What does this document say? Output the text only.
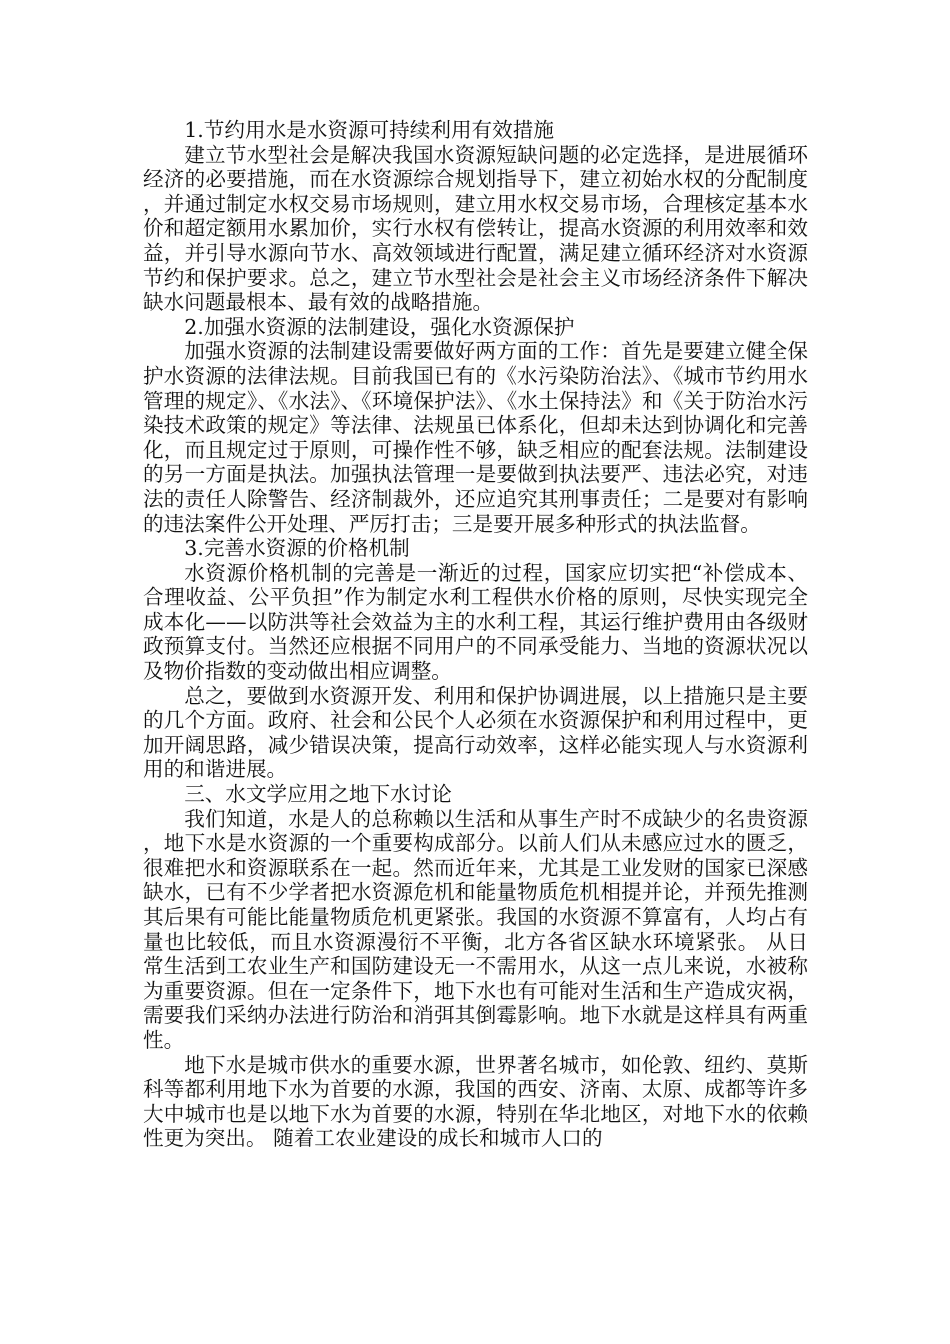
1.节约用水是水资源可持续利用有效措施

建立节水型社会是解决我国水资源短缺问题的必定选择，是进展循环经济的必要措施，而在水资源综合规划指导下，建立初始水权的分配制度，并通过制定水权交易市场规则，建立用水权交易市场，合理核定基本水价和超定额用水累加价，实行水权有偿转让，提高水资源的利用效率和效益，并引导水源向节水、高效领域进行配置，满足建立循环经济对水资源节约和保护要求。总之，建立节水型社会是社会主义市场经济条件下解决缺水问题最根本、最有效的战略措施。

2.加强水资源的法制建设，强化水资源保护

加强水资源的法制建设需要做好两方面的工作：首先是要建立健全保护水资源的法律法规。目前我国已有的《水污染防治法》、《城市节约用水管理的规定》、《水法》、《环境保护法》、《水土保持法》和《关于防治水污染技术政策的规定》等法律、法规虽已体系化，但却未达到协调化和完善化，而且规定过于原则，可操作性不够，缺乏相应的配套法规。法制建设的另一方面是执法。加强执法管理一是要做到执法要严、违法必究，对违法的责任人除警告、经济制裁外，还应追究其刑事责任；二是要对有影响的违法案件公开处理、严厉打击；三是要开展多种形式的执法监督。

3.完善水资源的价格机制

水资源价格机制的完善是一渐近的过程，国家应切实把“补偿成本、合理收益、公平负担”作为制定水利工程供水价格的原则，尽快实现完全成本化——以防洪等社会效益为主的水利工程，其运行维护费用由各级财政预算支付。当然还应根据不同用户的不同承受能力、当地的资源状况以及物价指数的变动做出相应调整。

总之，要做到水资源开发、利用和保护协调进展，以上措施只是主要的几个方面。政府、社会和公民个人必须在水资源保护和利用过程中，更加开阔思路，减少错误决策，提高行动效率，这样必能实现人与水资源利用的和谐进展。

三、水文学应用之地下水讨论

我们知道，水是人的总称赖以生活和从事生产时不成缺少的名贵资源，地下水是水资源的一个重要构成部分。以前人们从未感应过水的匮乏，很难把水和资源联系在一起。然而近年来，尤其是工业发财的国家已深感缺水，已有不少学者把水资源危机和能量物质危机相提并论，并预先推测其后果有可能比能量物质危机更紧张。我国的水资源不算富有，人均占有量也比较低，而且水资源漫衍不平衡，北方各省区缺水环境紧张。 从日常生活到工农业生产和国防建设无一不需用水，从这一点儿来说，水被称为重要资源。但在一定条件下，地下水也有可能对生活和生产造成灾祸，需要我们采纳办法进行防治和消弭其倒霉影响。地下水就是这样具有两重性。

地下水是城市供水的重要水源，世界著名城市，如伦敦、纽约、莫斯科等都利用地下水为首要的水源，我国的西安、济南、太原、成都等许多大中城市也是以地下水为首要的水源，特别在华北地区，对地下水的依赖性更为突出。 随着工农业建设的成长和城市人口的
